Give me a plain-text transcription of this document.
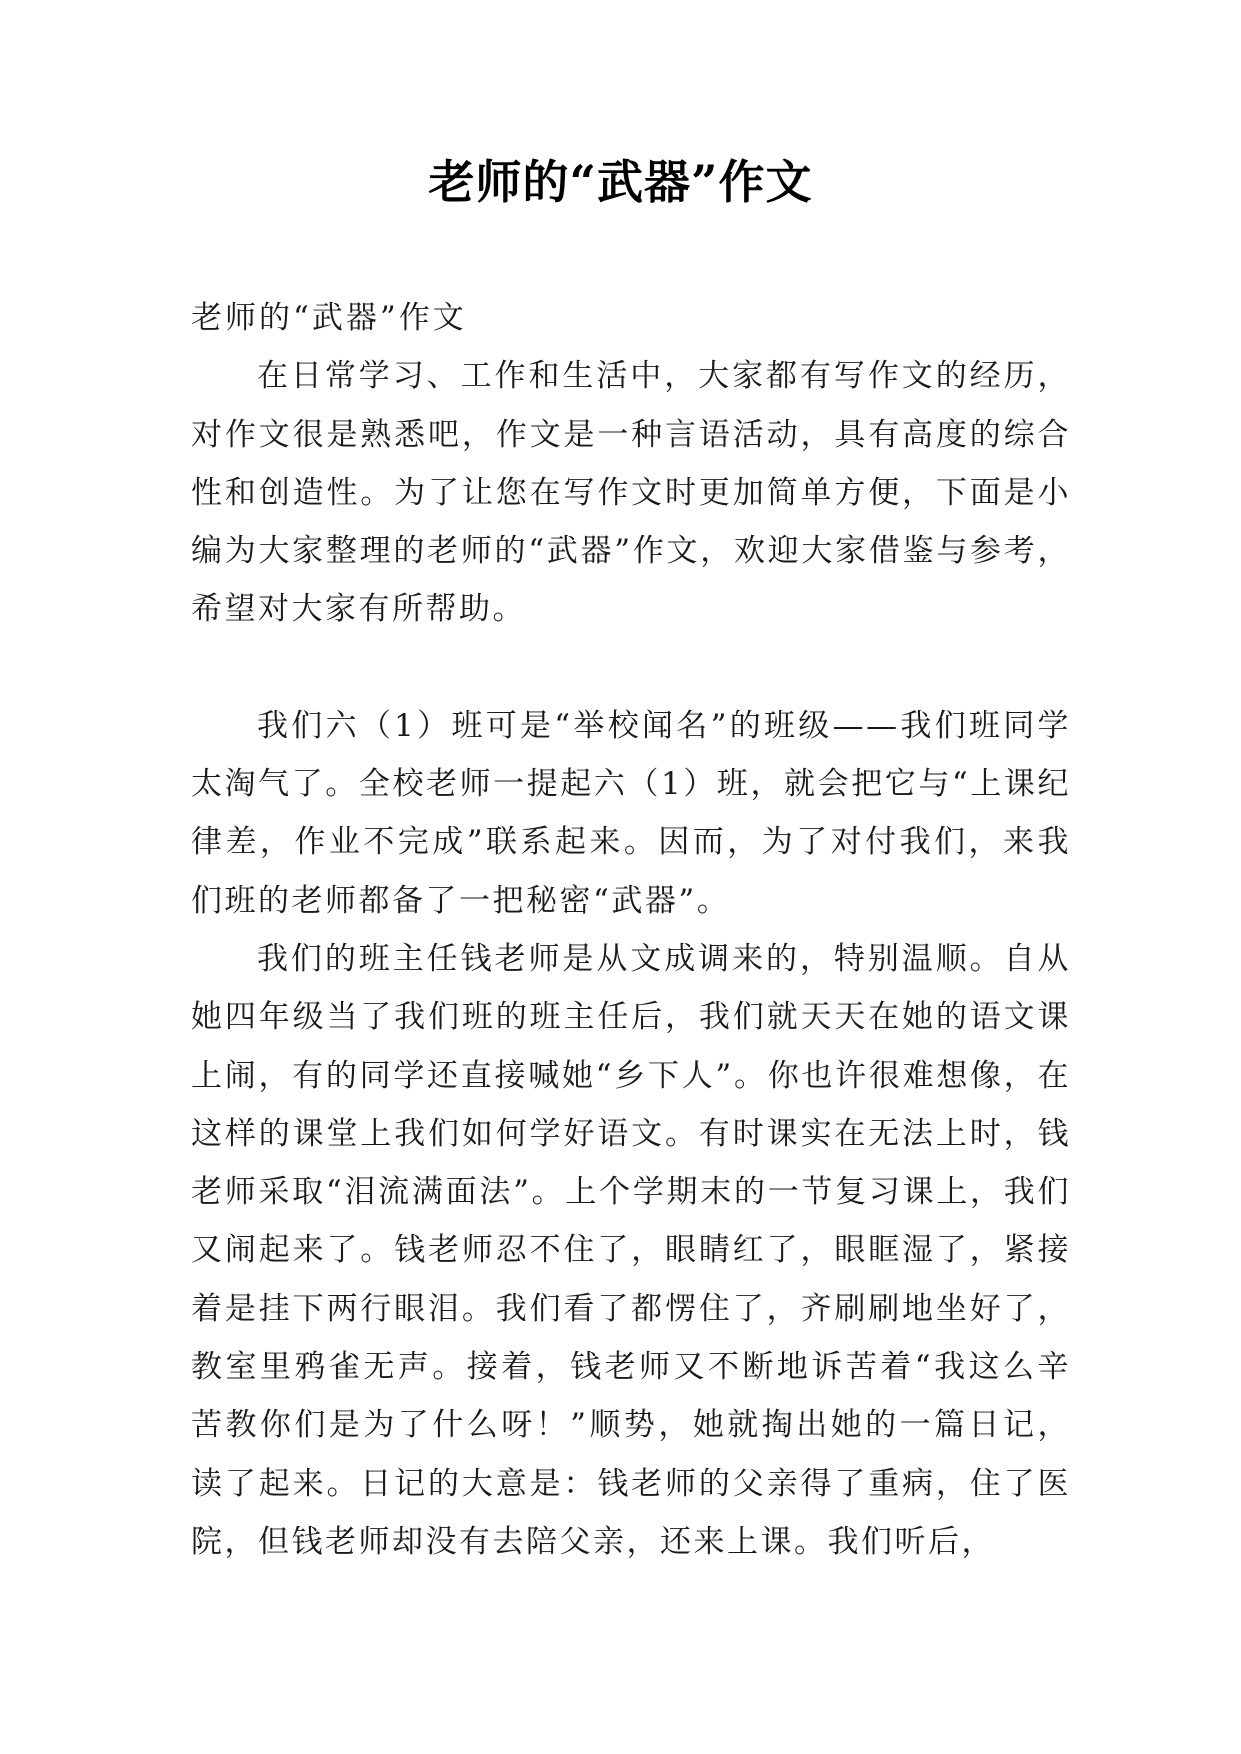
老师的“武器”作文

老师的“武器”作文

在日常学习、工作和生活中，大家都有写作文的经历，对作文很是熟悉吧，作文是一种言语活动，具有高度的综合性和创造性。为了让您在写作文时更加简单方便，下面是小编为大家整理的老师的“武器”作文，欢迎大家借鉴与参考，希望对大家有所帮助。

我们六（1）班可是“举校闻名”的班级——我们班同学太淘气了。全校老师一提起六（1）班，就会把它与“上课纪律差，作业不完成”联系起来。因而，为了对付我们，来我们班的老师都备了一把秘密“武器”。

我们的班主任钱老师是从文成调来的，特别温顺。自从她四年级当了我们班的班主任后，我们就天天在她的语文课上闹，有的同学还直接喊她“乡下人”。你也许很难想像，在这样的课堂上我们如何学好语文。有时课实在无法上时，钱老师采取“泪流满面法”。上个学期末的一节复习课上，我们又闹起来了。钱老师忍不住了，眼睛红了，眼眶湿了，紧接着是挂下两行眼泪。我们看了都愣住了，齐刷刷地坐好了，教室里鸦雀无声。接着，钱老师又不断地诉苦着“我这么辛苦教你们是为了什么呀！”顺势，她就掏出她的一篇日记，读了起来。日记的大意是：钱老师的父亲得了重病，住了医院，但钱老师却没有去陪父亲，还来上课。我们听后，
